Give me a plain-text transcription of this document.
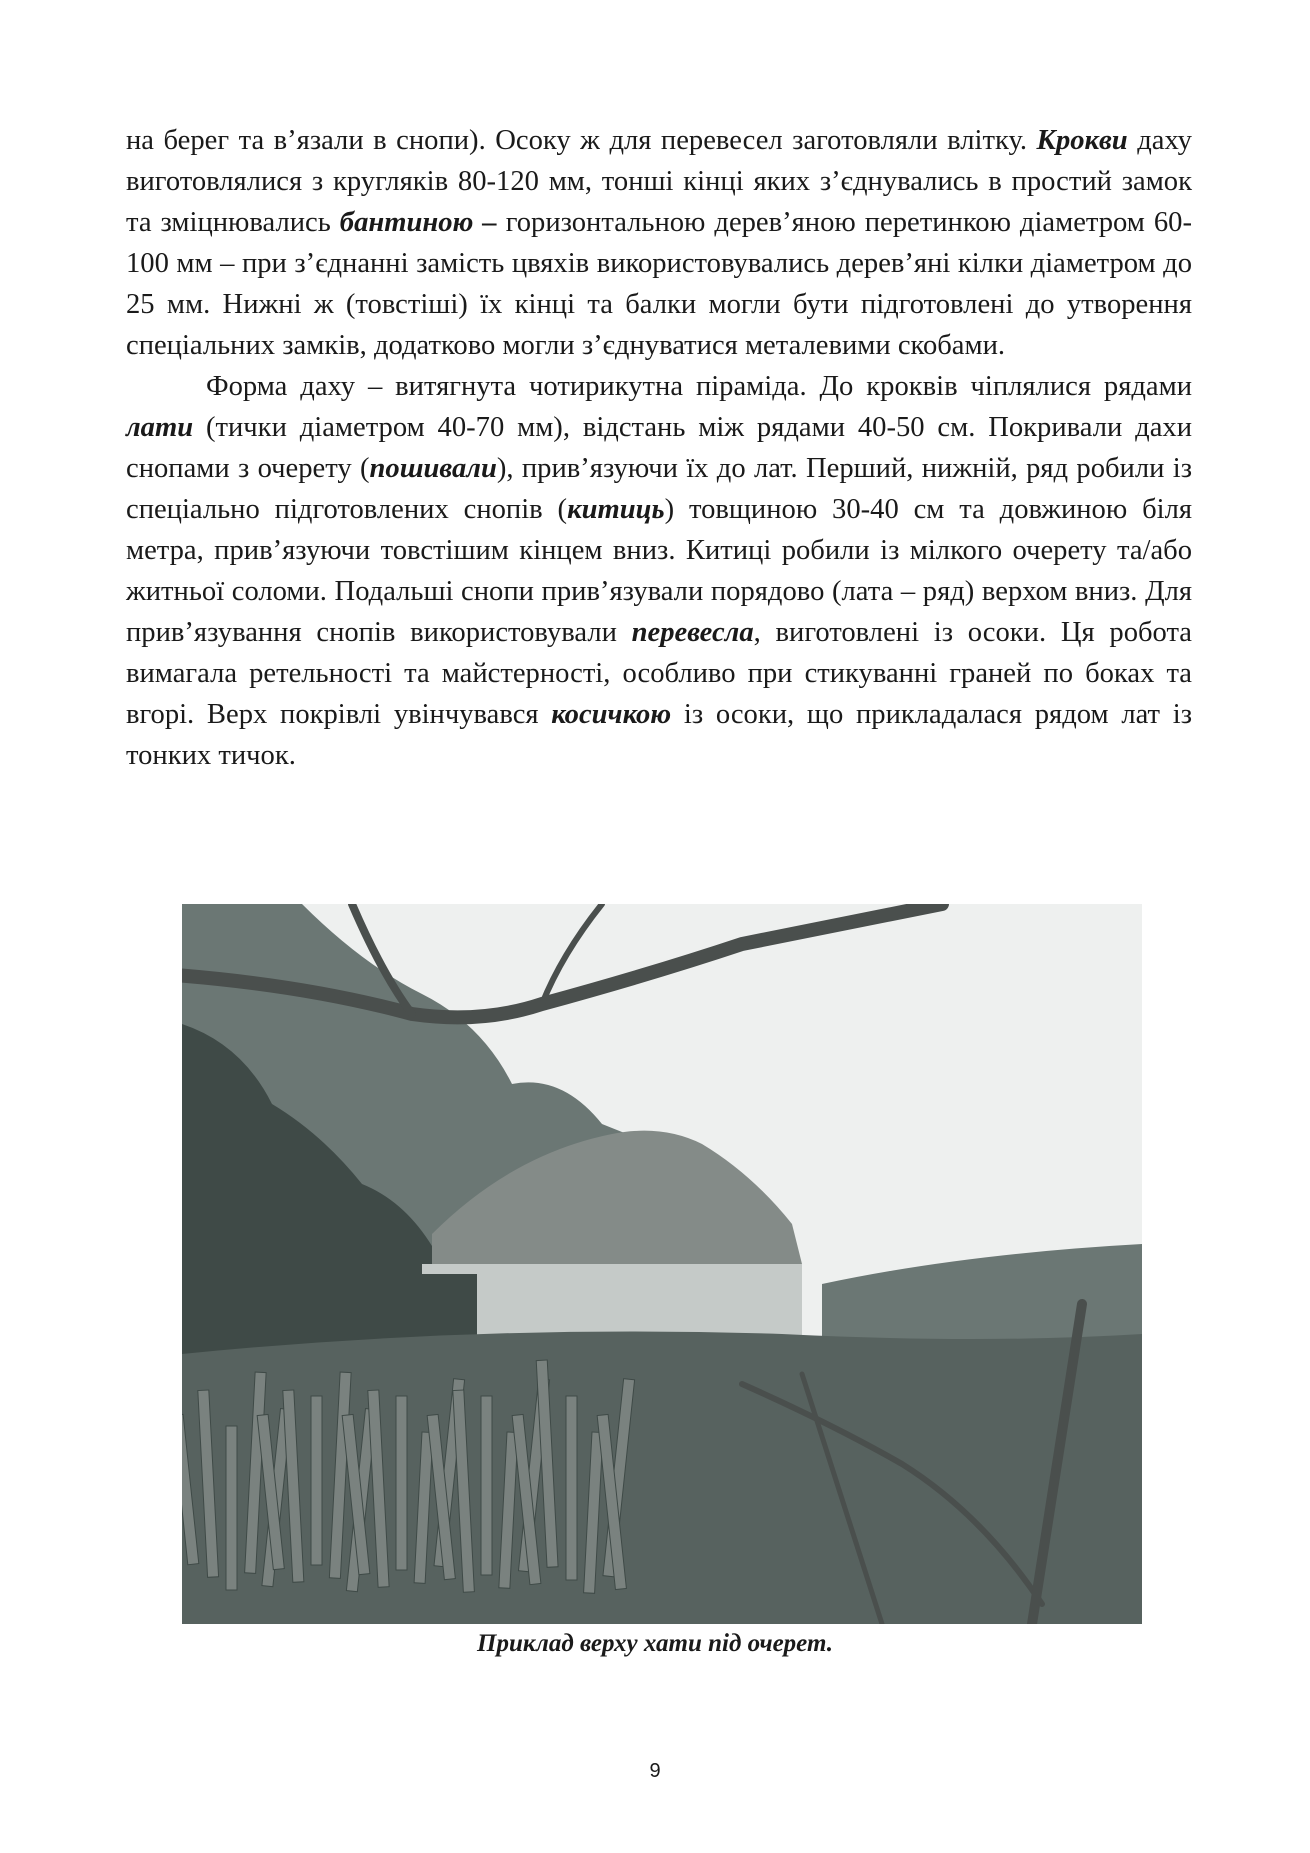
на берег та в’язали в снопи). Осоку ж для перевесел заготовляли влітку. Крокви даху виготовлялися з кругляків 80-120 мм, тонші кінці яких з’єднувались в простий замок та зміцнювались бантиною – горизонтальною дерев’яною перетинкою діаметром 60-100 мм – при з’єднанні замість цвяхів використовувались дерев’яні кілки діаметром до 25 мм. Нижні ж (товстіші) їх кінці та балки могли бути підготовлені до утворення спеціальних замків, додатково могли з’єднуватися металевими скобами.

Форма даху – витягнута чотирикутна піраміда. До кроквів чіплялися рядами лати (тички діаметром 40-70 мм), відстань між рядами 40-50 см. Покривали дахи снопами з очерету (пошивали), прив’язуючи їх до лат. Перший, нижній, ряд робили із спеціально підготовлених снопів (китиць) товщиною 30-40 см та довжиною біля метра, прив’язуючи товстішим кінцем вниз. Китиці робили із мілкого очерету та/або житньої соломи. Подальші снопи прив’язували порядово (лата – ряд) верхом вниз. Для прив’язування снопів використовували перевесла, виготовлені із осоки. Ця робота вимагала ретельності та майстерності, особливо при стикуванні граней по боках та вгорі. Верх покрівлі увінчувався косичкою із осоки, що прикладалася рядом лат із тонких тичок.

Приклад верху хати під очерет.
9
